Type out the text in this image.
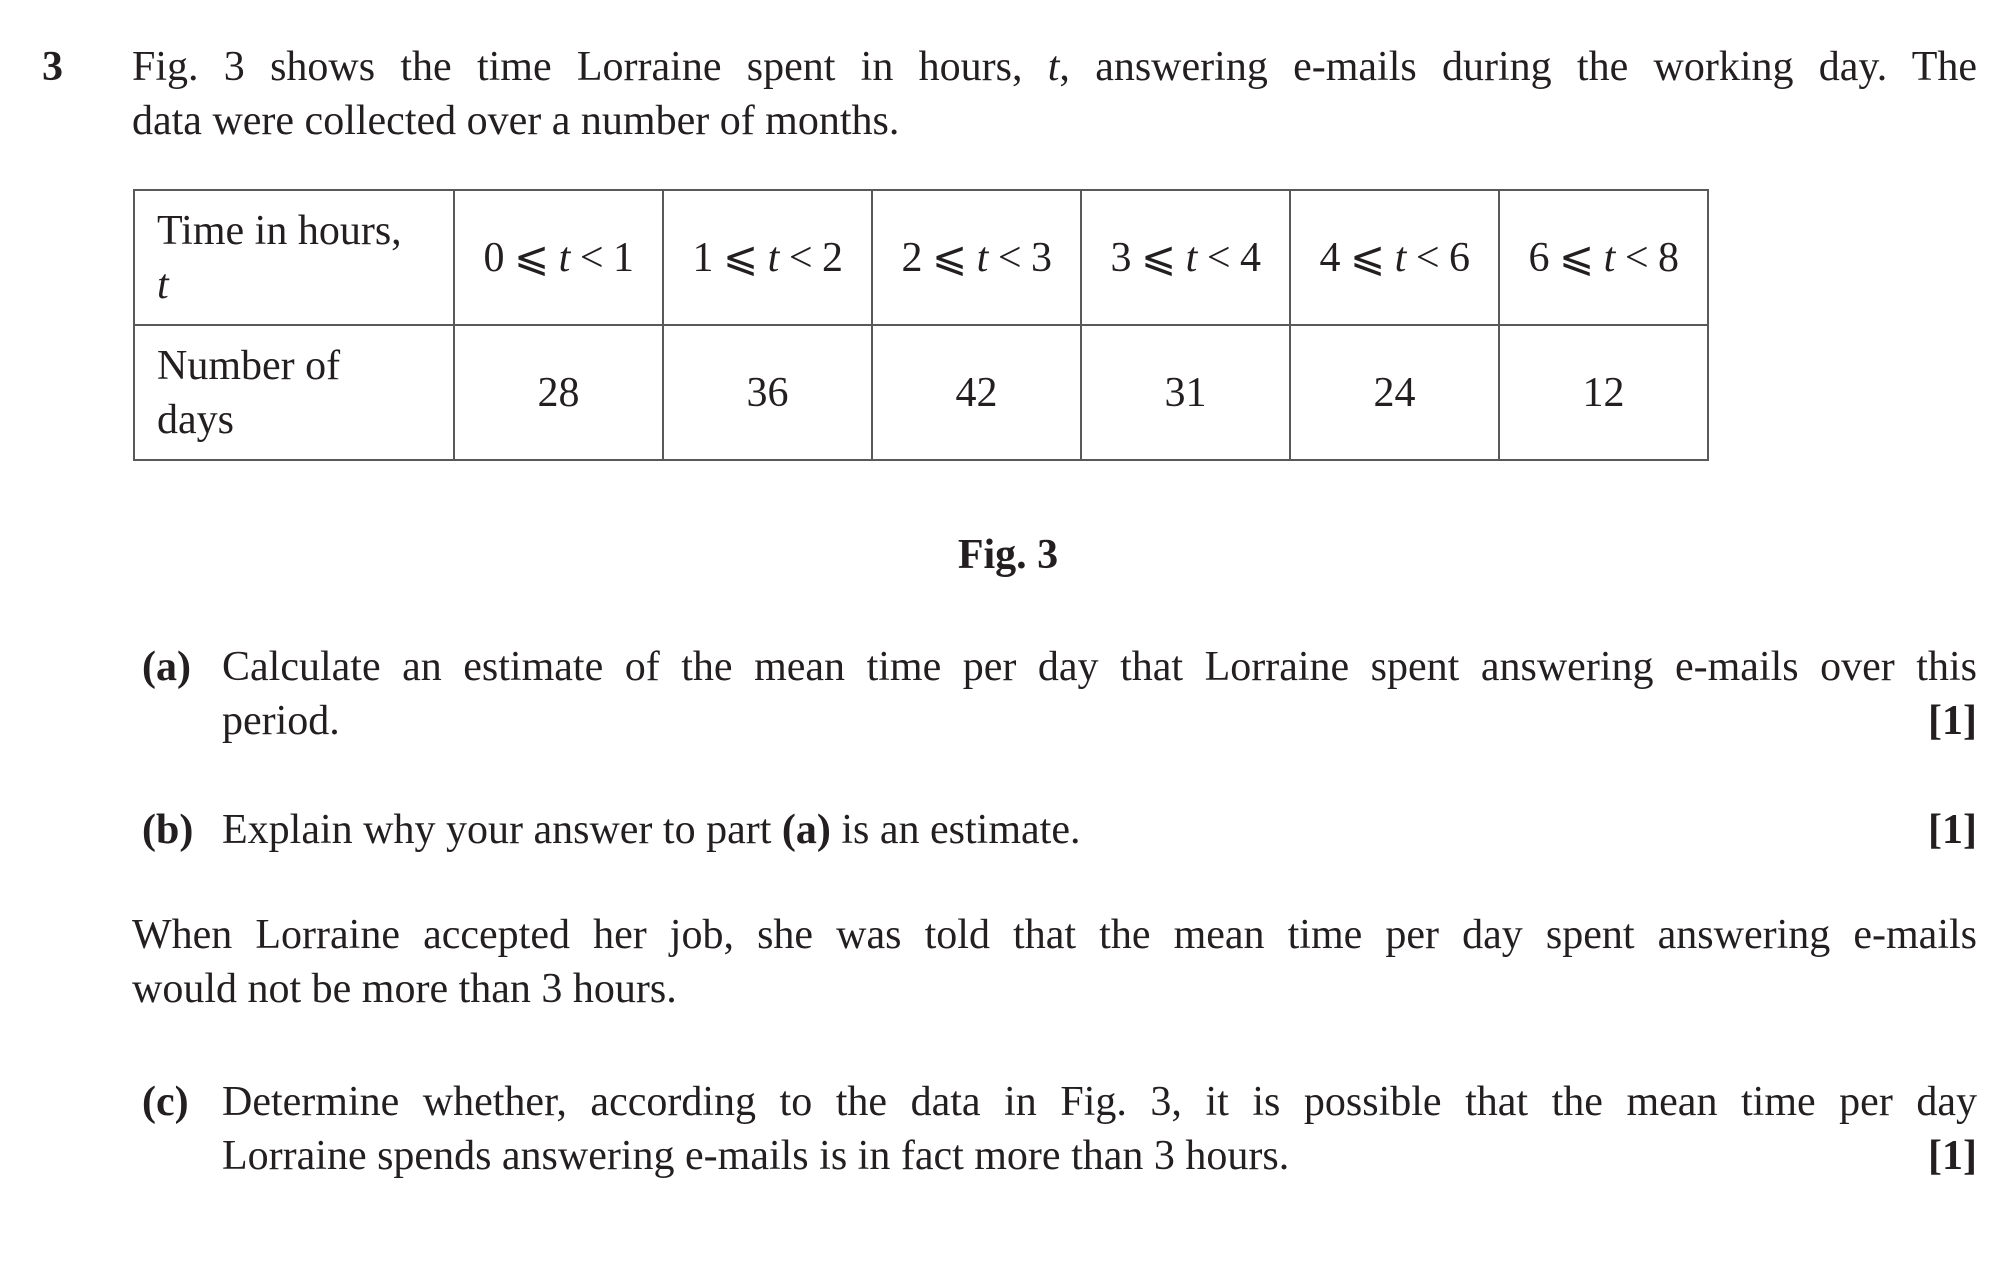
3 Fig. 3 shows the time Lorraine spent in hours, t, answering e-mails during the working day. The
data were collected over a number of months.
Time in hours,
t	0 ⩽ t < 1	1 ⩽ t < 2	2 ⩽ t < 3	3 ⩽ t < 4	4 ⩽ t < 6	6 ⩽ t < 8
Number of
days	28	36	42	31	24	12
Fig. 3
(a) Calculate an estimate of the mean time per day that Lorraine spent answering e-mails over this
period.	[1]
(b) Explain why your answer to part (a) is an estimate.	[1]
When Lorraine accepted her job, she was told that the mean time per day spent answering e-mails
would not be more than 3 hours.
(c) Determine whether, according to the data in Fig. 3, it is possible that the mean time per day
Lorraine spends answering e-mails is in fact more than 3 hours.	[1]
